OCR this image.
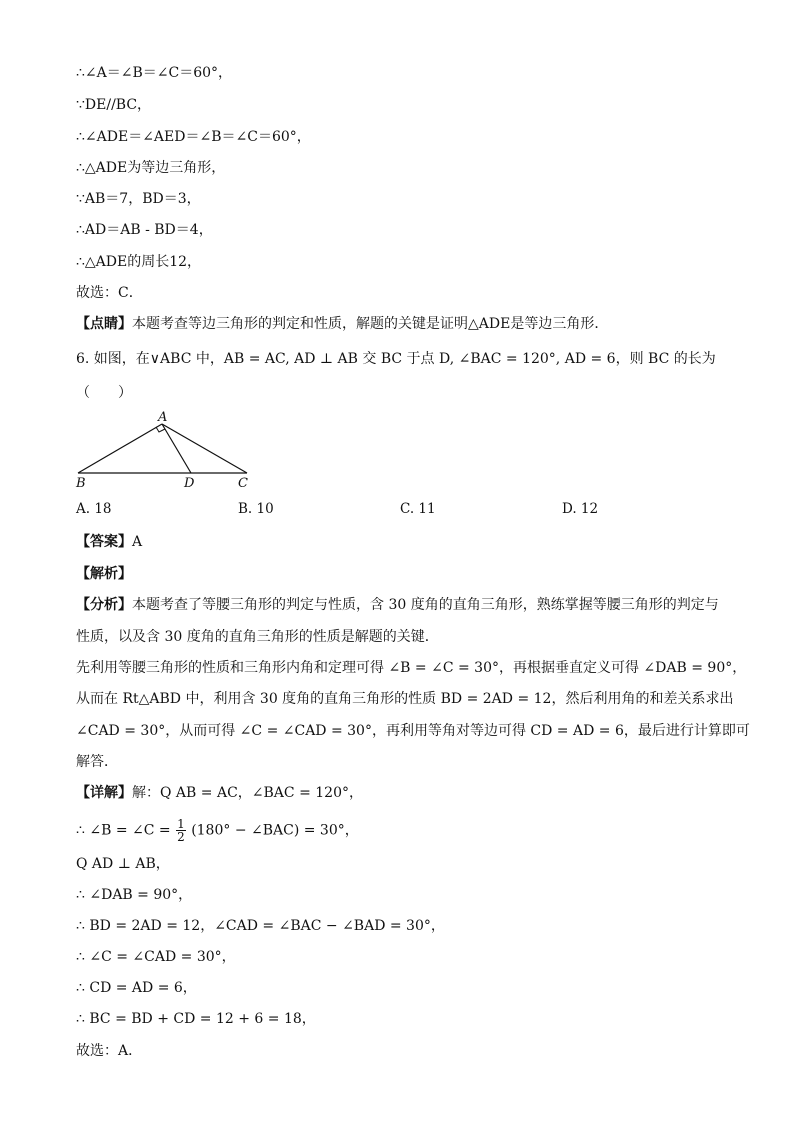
∴∠A＝∠B＝∠C＝60°，
∵DE//BC，
∴∠ADE＝∠AED＝∠B＝∠C＝60°，
∴△ADE为等边三角形，
∵AB＝7，BD＝3，
∴AD＝AB - BD＝4，
∴△ADE的周长12，
故选：C．
【点睛】本题考查等边三角形的判定和性质，解题的关键是证明△ADE是等边三角形．
6. 如图，在∨ABC 中，AB = AC, AD ⊥ AB 交 BC 于点 D, ∠BAC = 120°, AD = 6，则 BC 的长为
（　　）
A
B	D	C
A. 18	B. 10	C. 11	D. 12
【答案】A
【解析】
【分析】本题考查了等腰三角形的判定与性质，含 30 度角的直角三角形，熟练掌握等腰三角形的判定与
性质，以及含 30 度角的直角三角形的性质是解题的关键．
先利用等腰三角形的性质和三角形内角和定理可得 ∠B = ∠C = 30°，再根据垂直定义可得 ∠DAB = 90°，
从而在 Rt△ABD 中，利用含 30 度角的直角三角形的性质 BD = 2AD = 12，然后利用角的和差关系求出
∠CAD = 30°，从而可得 ∠C = ∠CAD = 30°，再利用等角对等边可得 CD = AD = 6，最后进行计算即可
解答．
【详解】解：Q AB = AC，∠BAC = 120°，
∴ ∠B = ∠C = $\frac{1}{2} (180^\circ$ − ∠BAC) = 30°，
Q AD ⊥ AB，
∴ ∠DAB = 90°，
∴ BD = 2AD = 12，∠CAD = ∠BAC − ∠BAD = 30°，
∴ ∠C = ∠CAD = 30°，
∴ CD = AD = 6，
∴ BC = BD + CD = 12 + 6 = 18，
故选：A．
